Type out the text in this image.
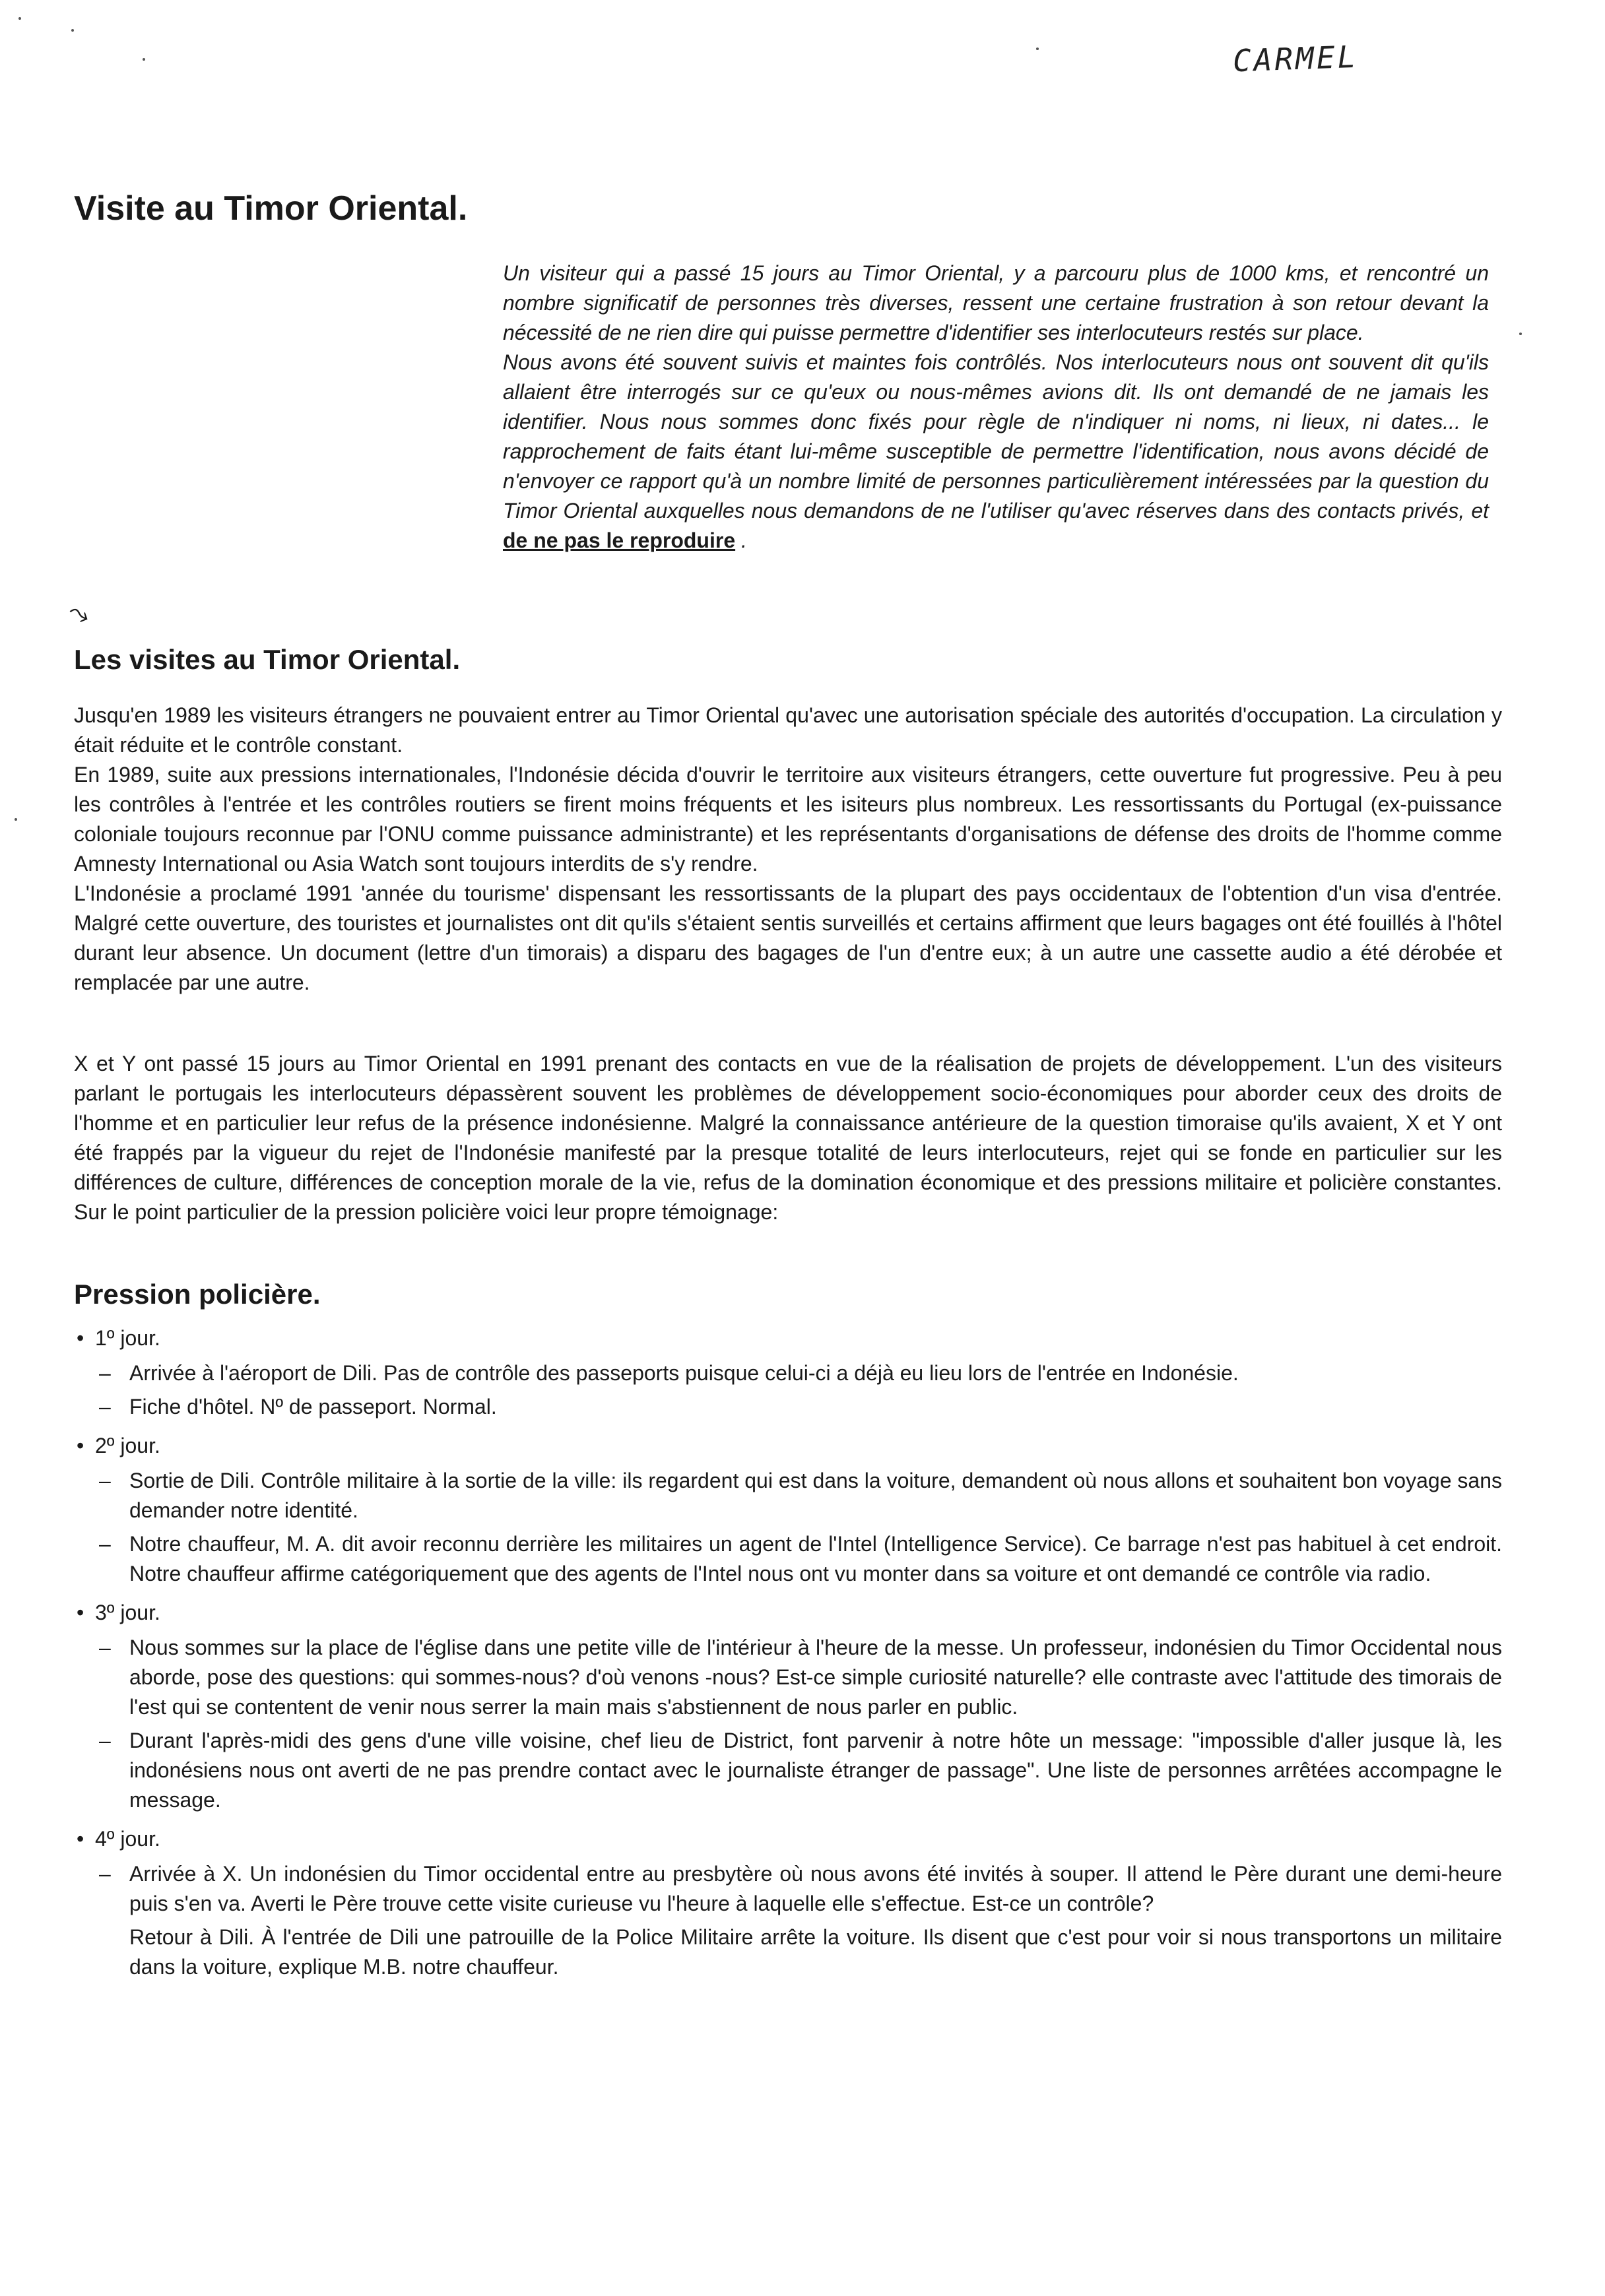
CARMEL
Visite au Timor Oriental.

Un visiteur qui a passé 15 jours au Timor Oriental, y a parcouru plus de 1000 kms, et rencontré un nombre significatif de personnes très diverses, ressent une certaine frustration à son retour devant la nécessité de ne rien dire qui puisse permettre d'identifier ses interlocuteurs restés sur place.

Nous avons été souvent suivis et maintes fois contrôlés. Nos interlocuteurs nous ont souvent dit qu'ils allaient être interrogés sur ce qu'eux ou nous-mêmes avions dit. Ils ont demandé de ne jamais les identifier. Nous nous sommes donc fixés pour règle de n'indiquer ni noms, ni lieux, ni dates... le rapprochement de faits étant lui-même susceptible de permettre l'identification, nous avons décidé de n'envoyer ce rapport qu'à un nombre limité de personnes particulièrement intéressées par la question du Timor Oriental auxquelles nous demandons de ne l'utiliser qu'avec réserves dans des contacts privés, et de ne pas le reproduire .

⤳
Les visites au Timor Oriental.

Jusqu'en 1989 les visiteurs étrangers ne pouvaient entrer au Timor Oriental qu'avec une autorisation spéciale des autorités d'occupation. La circulation y était réduite et le contrôle constant.

En 1989, suite aux pressions internationales, l'Indonésie décida d'ouvrir le territoire aux visiteurs étrangers, cette ouverture fut progressive. Peu à peu les contrôles à l'entrée et les contrôles routiers se firent moins fréquents et les isiteurs plus nombreux. Les ressortissants du Portugal (ex-puissance coloniale toujours reconnue par l'ONU comme puissance administrante) et les représentants d'organisations de défense des droits de l'homme comme Amnesty International ou Asia Watch sont toujours interdits de s'y rendre.

L'Indonésie a proclamé 1991 'année du tourisme' dispensant les ressortissants de la plupart des pays occidentaux de l'obtention d'un visa d'entrée. Malgré cette ouverture, des touristes et journalistes ont dit qu'ils s'étaient sentis surveillés et certains affirment que leurs bagages ont été fouillés à l'hôtel durant leur absence. Un document (lettre d'un timorais) a disparu des bagages de l'un d'entre eux; à un autre une cassette audio a été dérobée et remplacée par une autre.

X et Y ont passé 15 jours au Timor Oriental en 1991 prenant des contacts en vue de la réalisation de projets de développement. L'un des visiteurs parlant le portugais les interlocuteurs dépassèrent souvent les problèmes de développement socio-économiques pour aborder ceux des droits de l'homme et en particulier leur refus de la présence indonésienne. Malgré la connaissance antérieure de la question timoraise qu'ils avaient, X et Y ont été frappés par la vigueur du rejet de l'Indonésie manifesté par la presque totalité de leurs interlocuteurs, rejet qui se fonde en particulier sur les différences de culture, différences de conception morale de la vie, refus de la domination économique et des pressions militaire et policière constantes. Sur le point particulier de la pression policière voici leur propre témoignage:

Pression policière.
• 1º jour.
– Arrivée à l'aéroport de Dili. Pas de contrôle des passeports puisque celui-ci a déjà eu lieu lors de l'entrée en Indonésie.
– Fiche d'hôtel. Nº de passeport. Normal.
• 2º jour.
– Sortie de Dili. Contrôle militaire à la sortie de la ville: ils regardent qui est dans la voiture, demandent où nous allons et souhaitent bon voyage sans demander notre identité.
– Notre chauffeur, M. A. dit avoir reconnu derrière les militaires un agent de l'Intel (Intelligence Service). Ce barrage n'est pas habituel à cet endroit. Notre chauffeur affirme catégoriquement que des agents de l'Intel nous ont vu monter dans sa voiture et ont demandé ce contrôle via radio.
• 3º jour.
– Nous sommes sur la place de l'église dans une petite ville de l'intérieur à l'heure de la messe. Un professeur, indonésien du Timor Occidental nous aborde, pose des questions: qui sommes-nous? d'où venons -nous? Est-ce simple curiosité naturelle? elle contraste avec l'attitude des timorais de l'est qui se contentent de venir nous serrer la main mais s'abstiennent de nous parler en public.
– Durant l'après-midi des gens d'une ville voisine, chef lieu de District, font parvenir à notre hôte un message: "impossible d'aller jusque là, les indonésiens nous ont averti de ne pas prendre contact avec le journaliste étranger de passage". Une liste de personnes arrêtées accompagne le message.
• 4º jour.
– Arrivée à X. Un indonésien du Timor occidental entre au presbytère où nous avons été invités à souper. Il attend le Père durant une demi-heure puis s'en va. Averti le Père trouve cette visite curieuse vu l'heure à laquelle elle s'effectue. Est-ce un contrôle?
Retour à Dili. À l'entrée de Dili une patrouille de la Police Militaire arrête la voiture. Ils disent que c'est pour voir si nous transportons un militaire dans la voiture, explique M.B. notre chauffeur.
